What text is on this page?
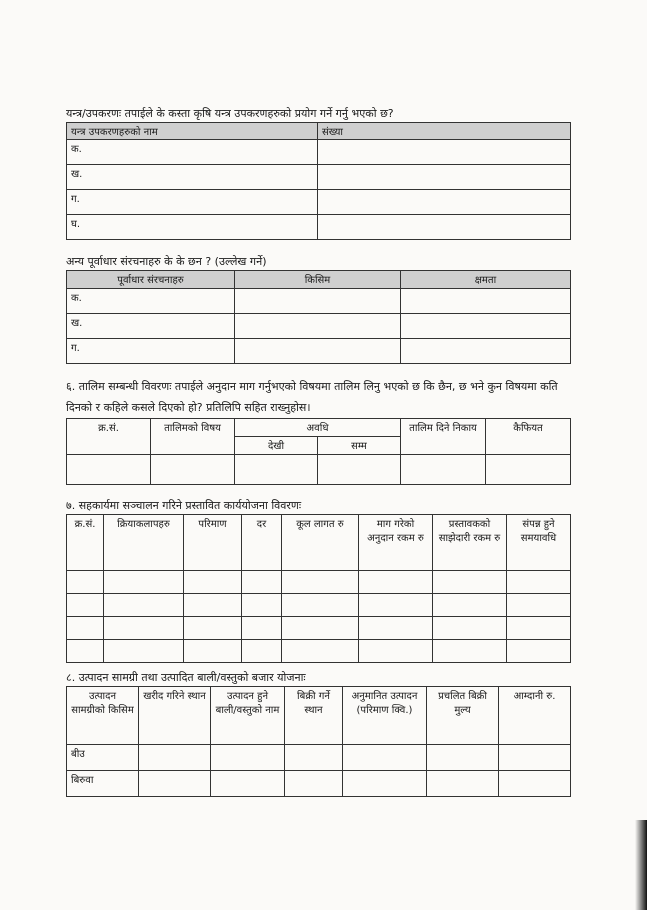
यन्त्र/उपकरणः तपाईले के कस्ता कृषि यन्त्र उपकरणहरुको प्रयोग गर्ने गर्नु भएको छ?
यन्त्र उपकरणहरुको नाम	संख्या
क.	
ख.	
ग.	
घ.	
अन्य पूर्वाधार संरचनाहरु के के छन ? (उल्लेख गर्ने)
पूर्वाधार संरचनाहरु	किसिम	क्षमता
क.		
ख.		
ग.		
६. तालिम सम्बन्धी विवरणः तपाईले अनुदान माग गर्नुभएको विषयमा तालिम लिनु भएको छ कि छैन, छ भने कुन विषयमा कति दिनको र कहिले कसले दिएको हो? प्रतिलिपि सहित राख्नुहोस।
क्र.सं.	तालिमको विषय	अवधि		तालिम दिने निकाय	कैफियत
		देखी	सम्म		

७. सहकार्यमा सञ्चालन गरिने प्रस्तावित कार्ययोजना विवरणः
क्र.सं.	क्रियाकलापहरु	परिमाण	दर	कूल लागत रु	माग गरेको अनुदान रकम रु	प्रस्तावकको साझेदारी रकम रु	संपन्न हुने समयावधि

८. उत्पादन सामग्री तथा उत्पादित बाली/वस्तुको बजार योजनाः
उत्पादन सामग्रीको किसिम	खरीद गरिने स्थान	उत्पादन हुने बाली/वस्तुको नाम	बिक्री गर्ने स्थान	अनुमानित उत्पादन (परिमाण क्वि.)	प्रचलित बिक्री मुल्य	आम्दानी रु.
बीउ						
बिरुवा						
